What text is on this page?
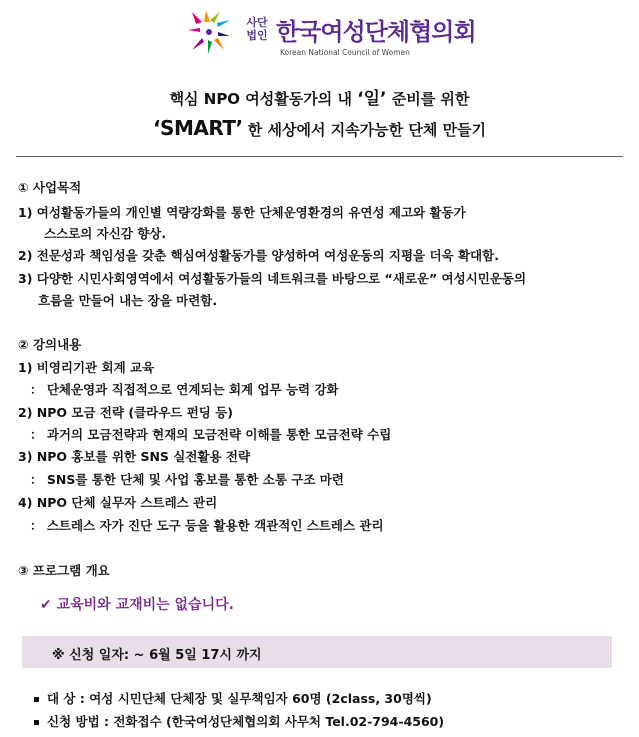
사단
법인 한국여성단체협의회
Korean National Council of Women
핵심 NPO 여성활동가의 내 ‘일’ 준비를 위한
‘SMART’ 한 세상에서 지속가능한 단체 만들기
① 사업목적
1) 여성활동가들의 개인별 역량강화를 통한 단체운영환경의 유연성 제고와 활동가
스스로의 자신감 향상.
2) 전문성과 책임성을 갖춘 핵심여성활동가를 양성하여 여성운동의 지평을 더욱 확대함.
3) 다양한 시민사회영역에서 여성활동가들의 네트워크를 바탕으로 “새로운” 여성시민운동의
흐름을 만들어 내는 장을 마련함.
② 강의내용
1) 비영리기관 회계 교육
： 단체운영과 직접적으로 연계되는 회계 업무 능력 강화
2) NPO 모금 전략 (클라우드 펀딩 등)
： 과거의 모금전략과 현재의 모금전략 이해를 통한 모금전략 수립
3) NPO 홍보를 위한 SNS 실전활용 전략
： SNS를 통한 단체 및 사업 홍보를 통한 소통 구조 마련
4) NPO 단체 실무자 스트레스 관리
： 스트레스 자가 진단 도구 등을 활용한 객관적인 스트레스 관리
③ 프로그램 개요
✔ 교육비와 교재비는 없습니다.
※ 신청 일자: ~ 6월 5일 17시 까지
대 상 : 여성 시민단체 단체장 및 실무책임자 60명 (2class, 30명씩)
신청 방법 : 전화접수 (한국여성단체협의회 사무처 Tel.02-794-4560)
